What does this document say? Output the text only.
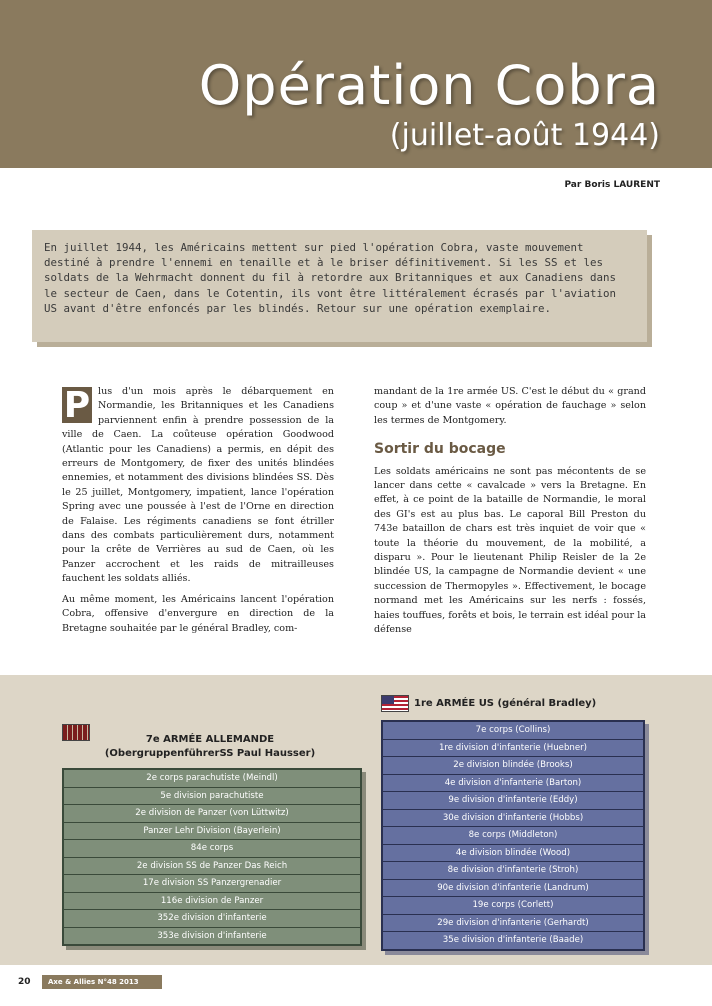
Opération Cobra
(juillet-août 1944)
Par Boris LAURENT
En juillet 1944, les Américains mettent sur pied l'opération Cobra, vaste mouvement destiné à prendre l'ennemi en tenaille et à le briser définitivement. Si les SS et les soldats de la Wehrmacht donnent du fil à retordre aux Britanniques et aux Canadiens dans le secteur de Caen, dans le Cotentin, ils vont être littéralement écrasés par l'aviation US avant d'être enfoncés par les blindés. Retour sur une opération exemplaire.

P lus d'un mois après le débarquement en Normandie, les Britanniques et les Canadiens parviennent enfin à prendre possession de la ville de Caen. La coûteuse opération Goodwood (Atlantic pour les Canadiens) a permis, en dépit des erreurs de Montgomery, de fixer des unités blindées ennemies, et notamment des divisions blindées SS. Dès le 25 juillet, Montgomery, impatient, lance l'opération Spring avec une poussée à l'est de l'Orne en direction de Falaise. Les régiments canadiens se font étriller dans des combats particulièrement durs, notamment pour la crête de Verrières au sud de Caen, où les Panzer accrochent et les raids de mitrailleuses fauchent les soldats alliés.

Au même moment, les Américains lancent l'opération Cobra, offensive d'envergure en direction de la Bretagne souhaitée par le général Bradley, com-

mandant de la 1re armée US. C'est le début du « grand coup » et d'une vaste « opération de fauchage » selon les termes de Montgomery.

Sortir du bocage

Les soldats américains ne sont pas mécontents de se lancer dans cette « cavalcade » vers la Bretagne. En effet, à ce point de la bataille de Normandie, le moral des GI's est au plus bas. Le caporal Bill Preston du 743e bataillon de chars est très inquiet de voir que « toute la théorie du mouvement, de la mobilité, a disparu ». Pour le lieutenant Philip Reisler de la 2e blindée US, la campagne de Normandie devient « une succession de Thermopyles ». Effectivement, le bocage normand met les Américains sur les nerfs : fossés, haies touffues, forêts et bois, le terrain est idéal pour la défense

7e ARMÉE ALLEMANDE
(ObergruppenführerSS Paul Hausser)
2e corps parachutiste (Meindl)
5e division parachutiste
2e division de Panzer (von Lüttwitz)
Panzer Lehr Division (Bayerlein)
84e corps
2e division SS de Panzer Das Reich
17e division SS Panzergrenadier
116e division de Panzer
352e division d'infanterie
353e division d'infanterie
1re ARMÉE US (général Bradley)
7e corps (Collins)
1re division d'infanterie (Huebner)
2e division blindée (Brooks)
4e division d'infanterie (Barton)
9e division d'infanterie (Eddy)
30e division d'infanterie (Hobbs)
8e corps (Middleton)
4e division blindée (Wood)
8e division d'infanterie (Stroh)
90e division d'infanterie (Landrum)
19e corps (Corlett)
29e division d'infanterie (Gerhardt)
35e division d'infanterie (Baade)
20	Axe & Allies N°48 2013
